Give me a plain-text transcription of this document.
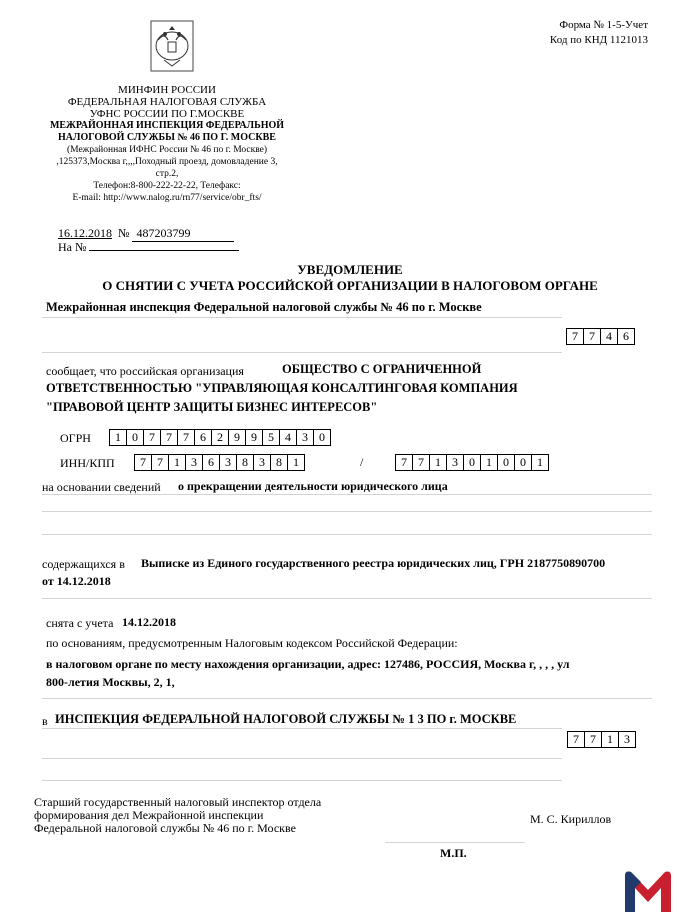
Форма № 1-5-Учет
Код по КНД 1121013
МИНФИН РОССИИ
ФЕДЕРАЛЬНАЯ НАЛОГОВАЯ СЛУЖБА
УФНС РОССИИ ПО Г.МОСКВЕ
МЕЖРАЙОННАЯ ИНСПЕКЦИЯ ФЕДЕРАЛЬНОЙ
НАЛОГОВОЙ СЛУЖБЫ № 46 ПО Г. МОСКВЕ
(Межрайонная ИФНС России № 46 по г. Москве)
,125373,Москва г,,,,Походный проезд, домовладение 3,
стр.2,
Телефон:8-800-222-22-22, Телефакс:
E-mail: http://www.nalog.ru/rn77/service/obr_fts/
16.12.2018 № 487203799
На №
УВЕДОМЛЕНИЕ
О СНЯТИИ С УЧЕТА РОССИЙСКОЙ ОРГАНИЗАЦИИ В НАЛОГОВОМ ОРГАНЕ
Межрайонная инспекция Федеральной налоговой службы № 46 по г. Москве
7 7 4 6
сообщает, что российская организация	ОБЩЕСТВО С ОГРАНИЧЕННОЙ
ОТВЕТСТВЕННОСТЬЮ "УПРАВЛЯЮЩАЯ КОНСАЛТИНГОВАЯ КОМПАНИЯ
"ПРАВОВОЙ ЦЕНТР ЗАЩИТЫ БИЗНЕС ИНТЕРЕСОВ"
ОГРН	1 0 7 7 7 6 2 9 9 5 4 3 0
ИНН/КПП	7 7 1 3 6 3 8 3 8 1	/	7 7 1 3 0 1 0 0 1
на основании сведений о прекращении деятельности юридического лица
содержащихся в Выписке из Единого государственного реестра юридических лиц, ГРН 2187750890700
от 14.12.2018
снята с учета 14.12.2018
по основаниям, предусмотренным Налоговым кодексом Российской Федерации:
в налоговом органе по месту нахождения организации, адрес: 127486, РОССИЯ, Москва г, , , , ул
800-летия Москвы, 2, 1,
в ИНСПЕКЦИЯ ФЕДЕРАЛЬНОЙ НАЛОГОВОЙ СЛУЖБЫ № 1 3 ПО г. МОСКВЕ
7 7 1 3
Старший государственный налоговый инспектор отдела
формирования дел Межрайонной инспекции
Федеральной налоговой службы № 46 по г. Москве
М. С. Кириллов
М.П.
